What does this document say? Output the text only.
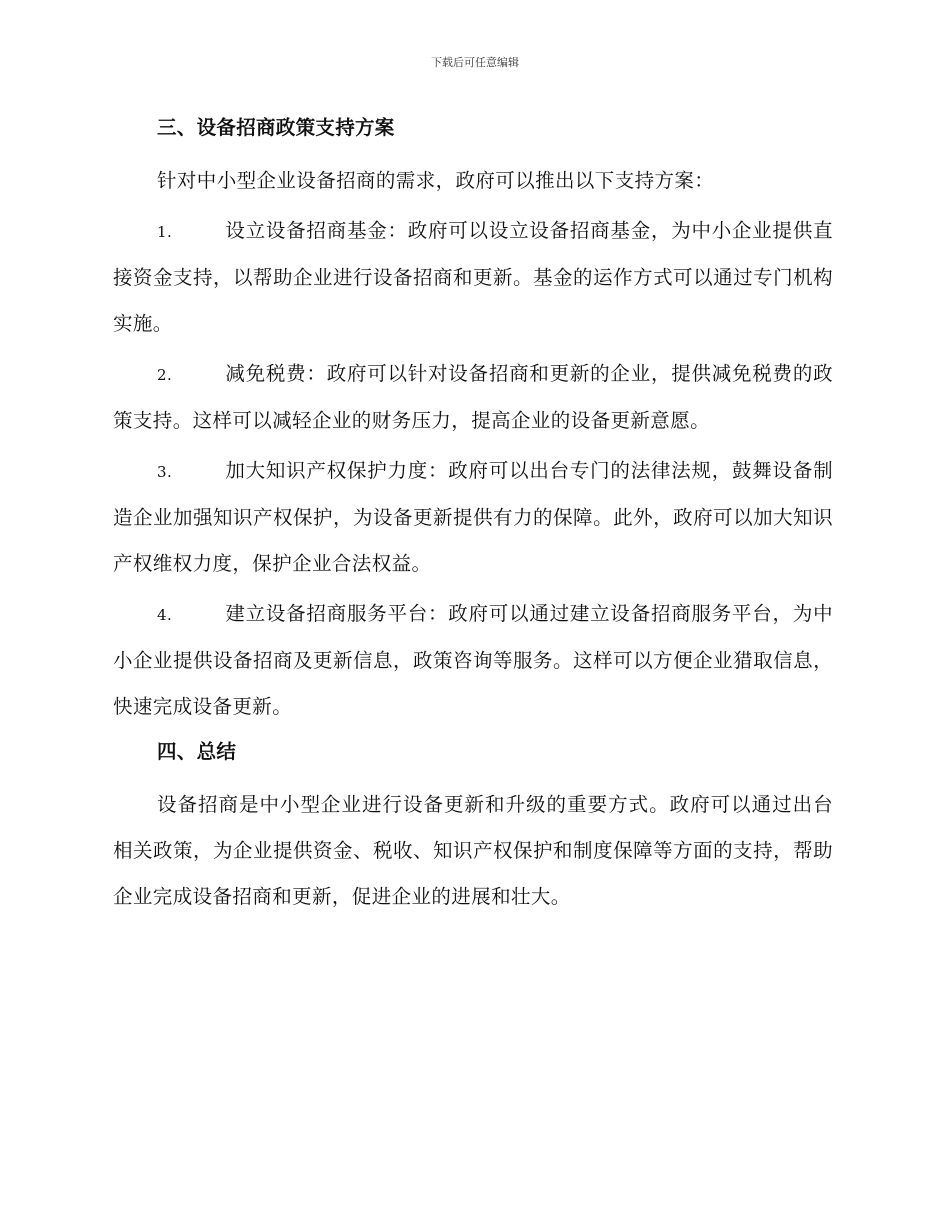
下载后可任意编辑
三、设备招商政策支持方案

针对中小型企业设备招商的需求，政府可以推出以下支持方案：

1.	设立设备招商基金：政府可以设立设备招商基金，为中小企业提供直接资金支持，以帮助企业进行设备招商和更新。基金的运作方式可以通过专门机构实施。

2.	减免税费：政府可以针对设备招商和更新的企业，提供减免税费的政策支持。这样可以减轻企业的财务压力，提高企业的设备更新意愿。

3.	加大知识产权保护力度：政府可以出台专门的法律法规，鼓舞设备制造企业加强知识产权保护，为设备更新提供有力的保障。此外，政府可以加大知识产权维权力度，保护企业合法权益。

4.	建立设备招商服务平台：政府可以通过建立设备招商服务平台，为中小企业提供设备招商及更新信息，政策咨询等服务。这样可以方便企业猎取信息，快速完成设备更新。

四、总结

设备招商是中小型企业进行设备更新和升级的重要方式。政府可以通过出台相关政策，为企业提供资金、税收、知识产权保护和制度保障等方面的支持，帮助企业完成设备招商和更新，促进企业的进展和壮大。
